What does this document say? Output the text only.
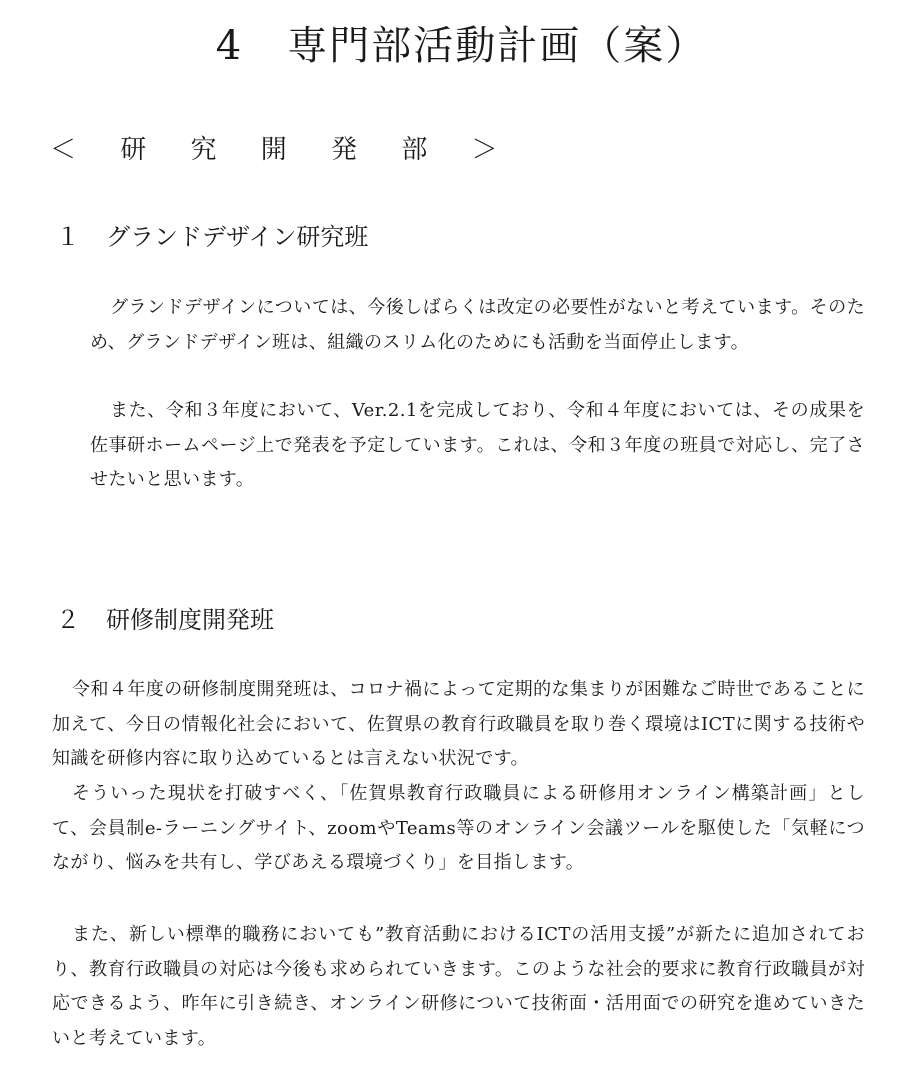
4 専門部活動計画（案）
＜ 研 究 開 発 部 ＞
１ グランドデザイン研究班

グランドデザインについては、今後しばらくは改定の必要性がないと考えています。そのため、グランドデザイン班は、組織のスリム化のためにも活動を当面停止します。

また、令和３年度において、Ver.2.1を完成しており、令和４年度においては、その成果を佐事研ホームページ上で発表を予定しています。これは、令和３年度の班員で対応し、完了させたいと思います。

２ 研修制度開発班

令和４年度の研修制度開発班は、コロナ禍によって定期的な集まりが困難なご時世であることに加えて、今日の情報化社会において、佐賀県の教育行政職員を取り巻く環境はICTに関する技術や知識を研修内容に取り込めているとは言えない状況です。

そういった現状を打破すべく、「佐賀県教育行政職員による研修用オンライン構築計画」として、会員制e-ラーニングサイト、zoomやTeams等のオンライン会議ツールを駆使した「気軽につながり、悩みを共有し、学びあえる環境づくり」を目指します。

また、新しい標準的職務においても”教育活動におけるICTの活用支援”が新たに追加されており、教育行政職員の対応は今後も求められていきます。このような社会的要求に教育行政職員が対応できるよう、昨年に引き続き、オンライン研修について技術面・活用面での研究を進めていきたいと考えています。
